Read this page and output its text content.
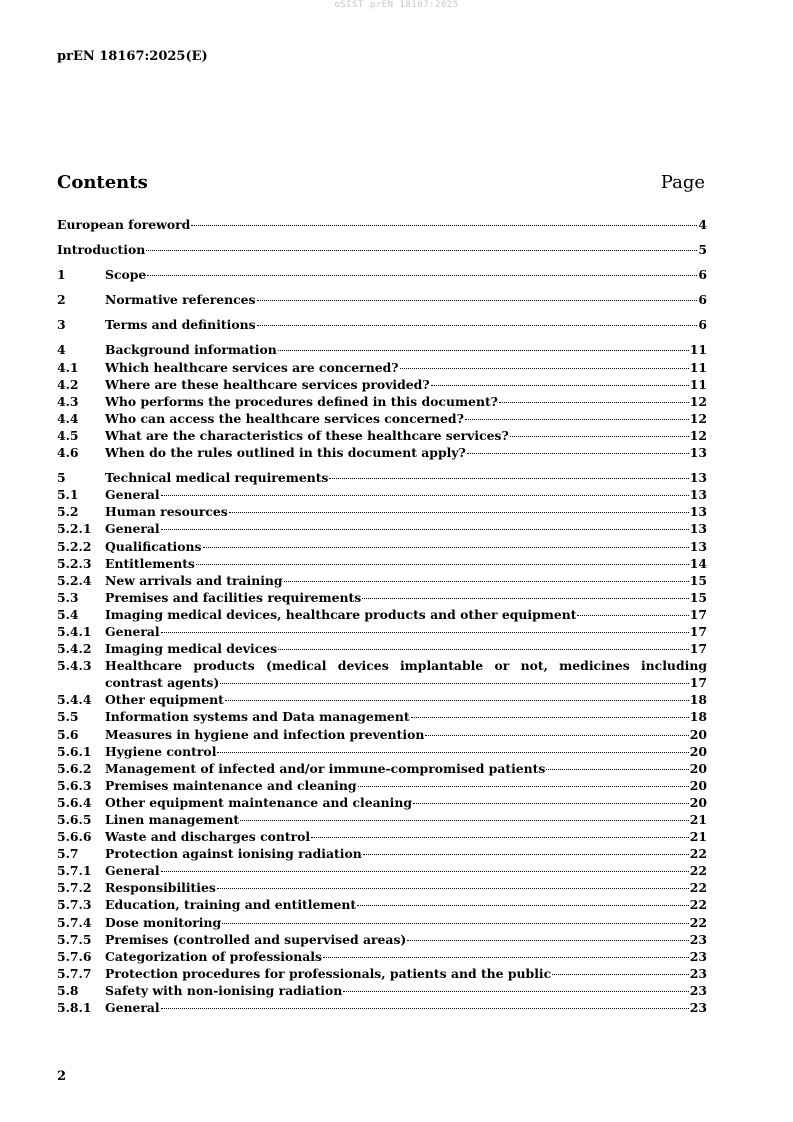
oSIST prEN 18167:2025
prEN 18167:2025(E)
Contents	Page
European foreword	4
Introduction	5
1	Scope	6
2	Normative references	6
3	Terms and definitions	6
4	Background information	11
4.1	Which healthcare services are concerned?	11
4.2	Where are these healthcare services provided?	11
4.3	Who performs the procedures defined in this document?	12
4.4	Who can access the healthcare services concerned?	12
4.5	What are the characteristics of these healthcare services?	12
4.6	When do the rules outlined in this document apply?	13
5	Technical medical requirements	13
5.1	General	13
5.2	Human resources	13
5.2.1	General	13
5.2.2	Qualifications	13
5.2.3	Entitlements	14
5.2.4	New arrivals and training	15
5.3	Premises and facilities requirements	15
5.4	Imaging medical devices, healthcare products and other equipment	17
5.4.1	General	17
5.4.2	Imaging medical devices	17
5.4.3	Healthcare products (medical devices implantable or not, medicines including
contrast agents)	17
5.4.4	Other equipment	18
5.5	Information systems and Data management	18
5.6	Measures in hygiene and infection prevention	20
5.6.1	Hygiene control	20
5.6.2	Management of infected and/or immune-compromised patients	20
5.6.3	Premises maintenance and cleaning	20
5.6.4	Other equipment maintenance and cleaning	20
5.6.5	Linen management	21
5.6.6	Waste and discharges control	21
5.7	Protection against ionising radiation	22
5.7.1	General	22
5.7.2	Responsibilities	22
5.7.3	Education, training and entitlement	22
5.7.4	Dose monitoring	22
5.7.5	Premises (controlled and supervised areas)	23
5.7.6	Categorization of professionals	23
5.7.7	Protection procedures for professionals, patients and the public	23
5.8	Safety with non-ionising radiation	23
5.8.1	General	23
2
